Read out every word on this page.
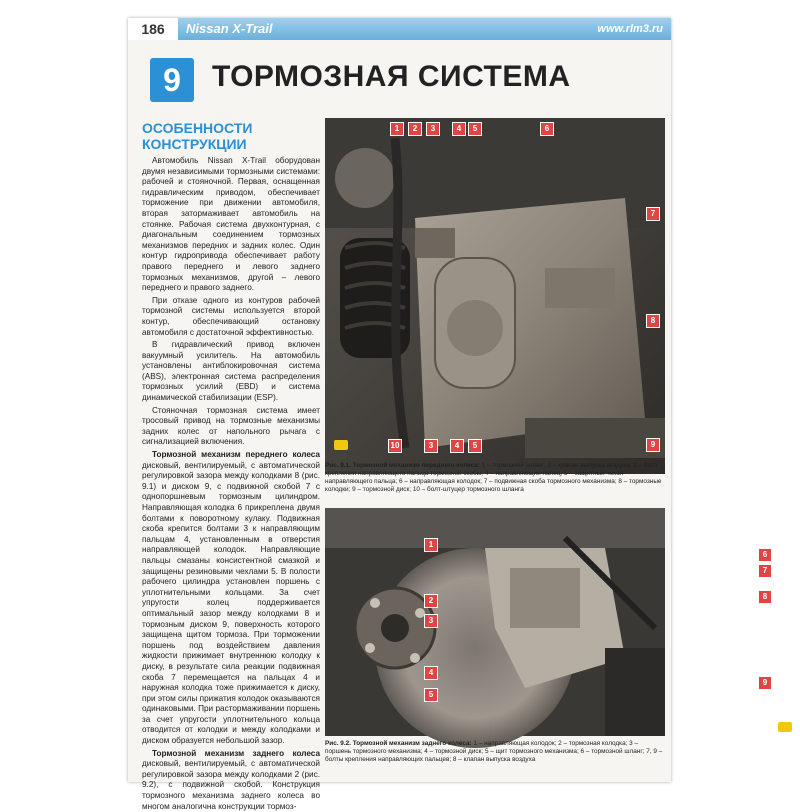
186	Nissan X-Trail	www.rlm3.ru
9	ТОРМОЗНАЯ СИСТЕМА
ОСОБЕННОСТИ КОНСТРУКЦИИ

Автомобиль Nissan X-Trail оборудован двумя независимыми тормозными системами: рабочей и стояночной. Первая, оснащенная гидравлическим приводом, обеспечивает торможение при движении автомобиля, вторая затормаживает автомобиль на стоянке. Рабочая система двухконтурная, с диагональным соединением тормозных механизмов передних и задних колес. Один контур гидропривода обеспечивает работу правого переднего и левого заднего тормозных механизмов, другой – левого переднего и правого заднего.

При отказе одного из контуров рабочей тормозной системы используется второй контур, обеспечивающий остановку автомобиля с достаточной эффективностью.

В гидравлический привод включен вакуумный усилитель. На автомобиль установлены антиблокировочная система (ABS), электронная система распределения тормозных усилий (EBD) и система динамической стабилизации (ESP).

Стояночная тормозная система имеет тросовый привод на тормозные механизмы задних колес от напольного рычага с сигнализацией включения.

Тормозной механизм переднего колеса дисковый, вентилируемый, с автоматической регулировкой зазора между колодками 8 (рис. 9.1) и диском 9, с подвижной скобой 7 с однопоршневым тормозным цилиндром. Направляющая колодка 6 прикреплена двумя болтами к поворотному кулаку. Подвижная скоба крепится болтами 3 к направляющим пальцам 4, установленным в отверстия направляющей колодок. Направляющие пальцы смазаны консистентной смазкой и защищены резиновыми чехлами 5. В полости рабочего цилиндра установлен поршень с уплотнительными кольцами. За счет упругости колец поддерживается оптимальный зазор между колодками 8 и тормозным диском 9, поверхность которого защищена щитом тормоза. При торможении поршень под воздействием давления жидкости прижимает внутреннюю колодку к диску, в результате сила реакции подвижная скоба 7 перемещается на пальцах 4 и наружная колодка тоже прижимается к диску, при этом силы прижатия колодок оказываются одинаковыми. При растормаживании поршень за счет упругости уплотнительного кольца отводится от колодки и между колодками и диском образуется небольшой зазор.

Тормозной механизм заднего колеса дисковый, вентилируемый, с автоматической регулировкой зазора между колодками 2 (рис. 9.2), с подвижной скобой. Конструкция тормозного механизма заднего колеса во многом аналогична конструкции тормоз-

1	2	3	4	5	6
7
8
9
10	3	4	5
Рис. 9.1. Тормозной механизм переднего колеса: 1 – тормозной шланг; 2 – клапан выпуска воздуха; 3 – болт крепления направляющего пальца тормозной скобы; 4 – направляющий палец; 5 – защитный чехол направляющего пальца; 6 – направляющая колодок; 7 – подвижная скоба тормозного механизма; 8 – тормозные колодки; 9 – тормозной диск; 10 – болт-штуцер тормозного шланга
1
2
3
4
5
6
7
8
9
Рис. 9.2. Тормозной механизм заднего колеса: 1 – направляющая колодок; 2 – тормозная колодка; 3 – поршень тормозного механизма; 4 – тормозной диск; 5 – щит тормозного механизма; 6 – тормозной шланг; 7, 9 – болты крепления направляющих пальцев; 8 – клапан выпуска воздуха
